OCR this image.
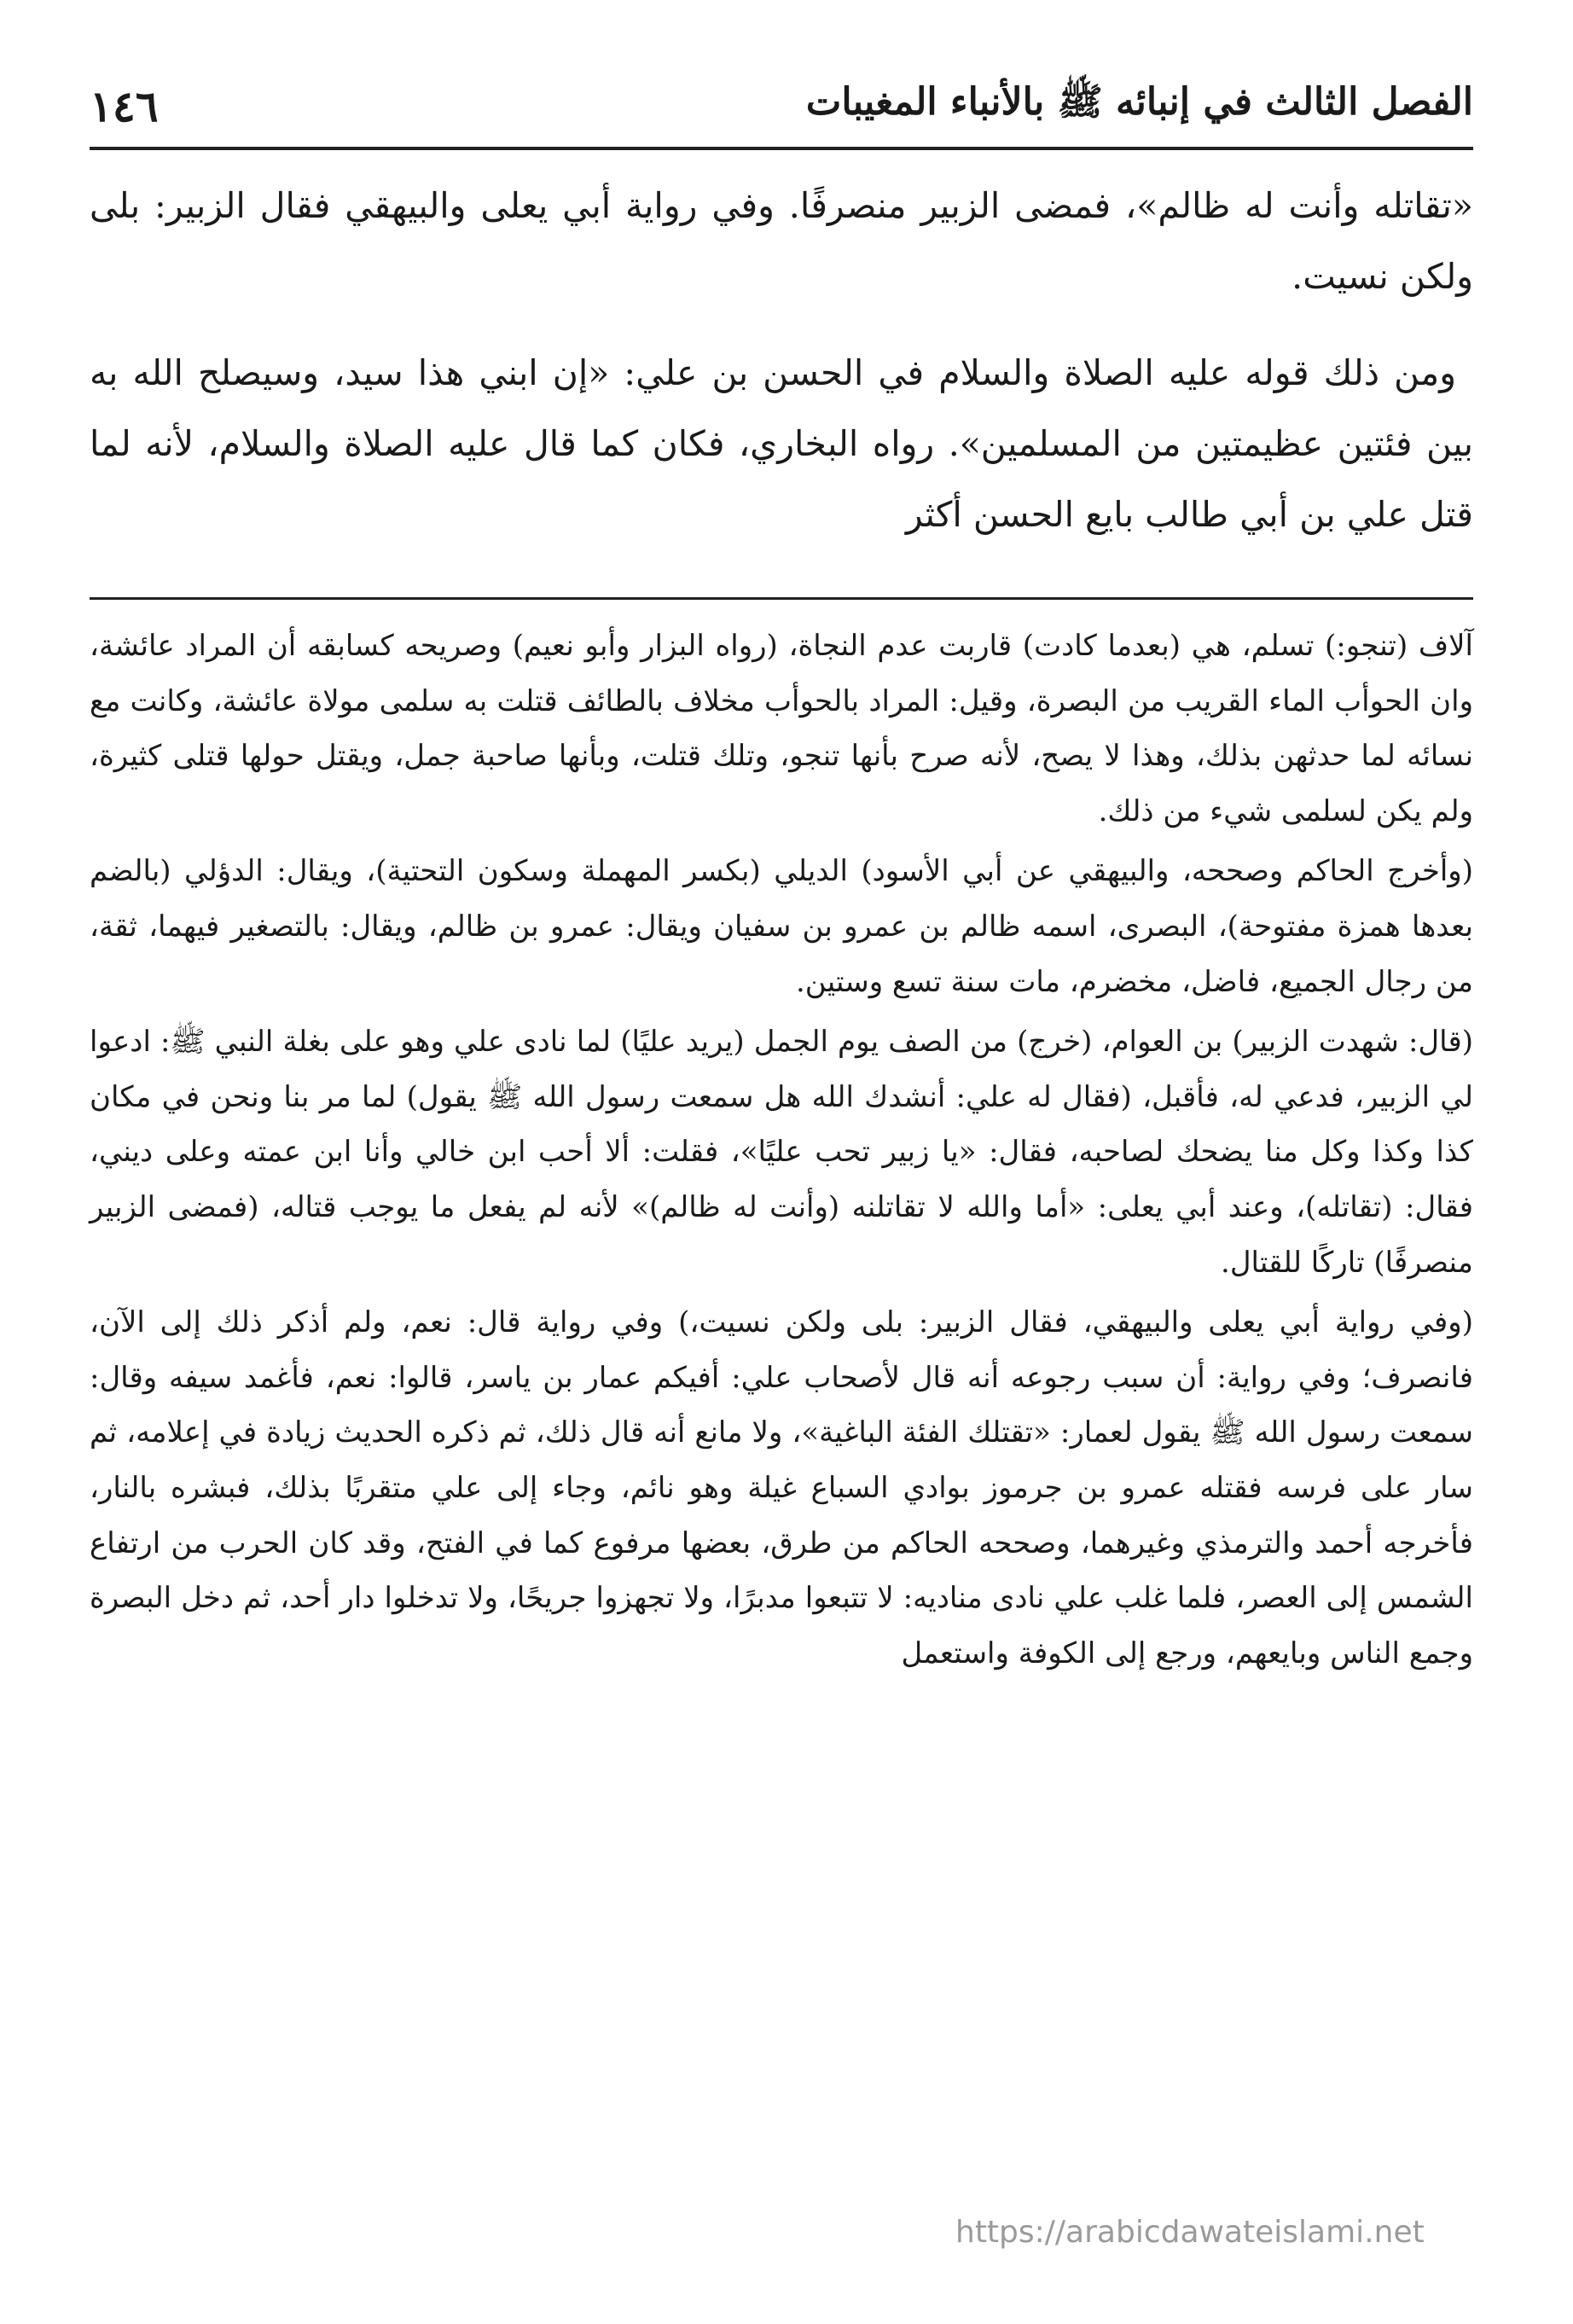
١٤٦	الفصل الثالث في إنبائه ﷺ بالأنباء المغيبات

«تقاتله وأنت له ظالم»، فمضى الزبير منصرفًا. وفي رواية أبي يعلى والبيهقي فقال الزبير: بلى ولكن نسيت.

ومن ذلك قوله عليه الصلاة والسلام في الحسن بن علي: «إن ابني هذا سيد، وسيصلح الله به بين فئتين عظيمتين من المسلمين». رواه البخاري، فكان كما قال عليه الصلاة والسلام، لأنه لما قتل علي بن أبي طالب بايع الحسن أكثر

آلاف (تنجو:) تسلم، هي (بعدما كادت) قاربت عدم النجاة، (رواه البزار وأبو نعيم) وصريحه كسابقه أن المراد عائشة، وان الحوأب الماء القريب من البصرة، وقيل: المراد بالحوأب مخلاف بالطائف قتلت به سلمى مولاة عائشة، وكانت مع نسائه لما حدثهن بذلك، وهذا لا يصح، لأنه صرح بأنها تنجو، وتلك قتلت، وبأنها صاحبة جمل، ويقتل حولها قتلى كثيرة، ولم يكن لسلمى شيء من ذلك.

(وأخرج الحاكم وصححه، والبيهقي عن أبي الأسود) الديلي (بكسر المهملة وسكون التحتية)، ويقال: الدؤلي (بالضم بعدها همزة مفتوحة)، البصرى، اسمه ظالم بن عمرو بن سفيان ويقال: عمرو بن ظالم، ويقال: بالتصغير فيهما، ثقة، من رجال الجميع، فاضل، مخضرم، مات سنة تسع وستين.

(قال: شهدت الزبير) بن العوام، (خرج) من الصف يوم الجمل (يريد عليًا) لما نادى علي وهو على بغلة النبي ﷺ: ادعوا لي الزبير، فدعي له، فأقبل، (فقال له علي: أنشدك الله هل سمعت رسول الله ﷺ يقول) لما مر بنا ونحن في مكان كذا وكذا وكل منا يضحك لصاحبه، فقال: «يا زبير تحب عليًا»، فقلت: ألا أحب ابن خالي وأنا ابن عمته وعلى ديني، فقال: (تقاتله)، وعند أبي يعلى: «أما والله لا تقاتلنه (وأنت له ظالم)» لأنه لم يفعل ما يوجب قتاله، (فمضى الزبير منصرفًا) تاركًا للقتال.

(وفي رواية أبي يعلى والبيهقي، فقال الزبير: بلى ولكن نسيت،) وفي رواية قال: نعم، ولم أذكر ذلك إلى الآن، فانصرف؛ وفي رواية: أن سبب رجوعه أنه قال لأصحاب علي: أفيكم عمار بن ياسر، قالوا: نعم، فأغمد سيفه وقال: سمعت رسول الله ﷺ يقول لعمار: «تقتلك الفئة الباغية»، ولا مانع أنه قال ذلك، ثم ذكره الحديث زيادة في إعلامه، ثم سار على فرسه فقتله عمرو بن جرموز بوادي السباع غيلة وهو نائم، وجاء إلى علي متقربًا بذلك، فبشره بالنار، فأخرجه أحمد والترمذي وغيرهما، وصححه الحاكم من طرق، بعضها مرفوع كما في الفتح، وقد كان الحرب من ارتفاع الشمس إلى العصر، فلما غلب علي نادى مناديه: لا تتبعوا مدبرًا، ولا تجهزوا جريحًا، ولا تدخلوا دار أحد، ثم دخل البصرة وجمع الناس وبايعهم، ورجع إلى الكوفة واستعمل

https://arabicdawateislami.net
